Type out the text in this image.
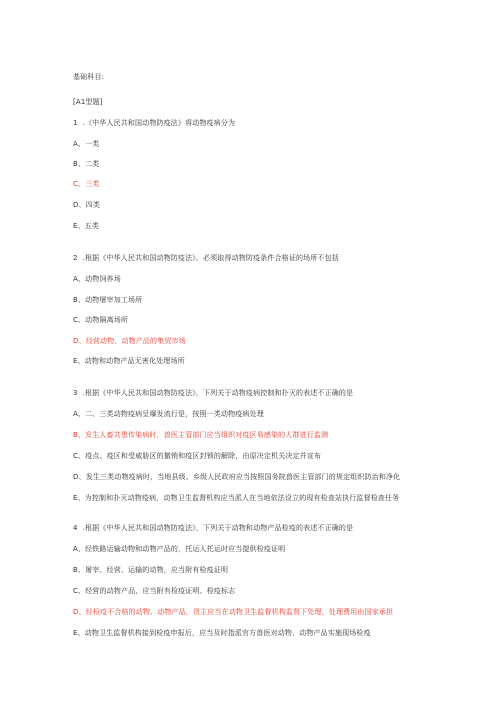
基础科目:
[A1型题]
1 .《中华人民共和国动物防疫法》将动物疫病分为
A、一类
B、二类
C、三类
D、四类
E、五类
2 .根据《中华人民共和国动物防疫法》，必须取得动物防疫条件合格证的场所不包括
A、动物饲养场
B、动物屠宰加工场所
C、动物隔离场所
D、经营动物、动物产品的集贸市场
E、动物和动物产品无害化处理场所
3 .根据《中华人民共和国动物防疫法》，下列关于动物疫病控制和扑灭的表述不正确的是
A、二、三类动物疫病呈爆发流行是，按照一类动物疫病处理
B、发生人畜共患传染病时，兽医主管部门应当组织对疫区易感染的人群进行监测
C、疫点、疫区和受威胁区的撤销和疫区封锁的解除，由原决定机关决定并宣布
D、发生三类动物疫病时，当地县级、乡级人民政府应当按照国务院兽医主管部门的规定组织防治和净化
E、为控制和扑灭动物疫病，动物卫生监督机构应当派人在当地依法设立的现有检查站执行监督检查任务
4 .根据《中华人民共和国动物防疫法》，下列关于动物和动物产品检疫的表述不正确的是
A、经铁路运输动物和动物产品的，托运人托运时应当提供检疫证明
B、屠宰、经营、运输的动物，应当附有检疫证明
C、经营的动物产品，应当附有检疫证明、检疫标志
D、经检疫不合格的动物、动物产品，货主应当在动物卫生监督机构监督下处理，处理费用由国家承担
E、动物卫生监督机构接到检疫申报后，应当及时指派官方兽医对动物、动物产品实施现场检疫
